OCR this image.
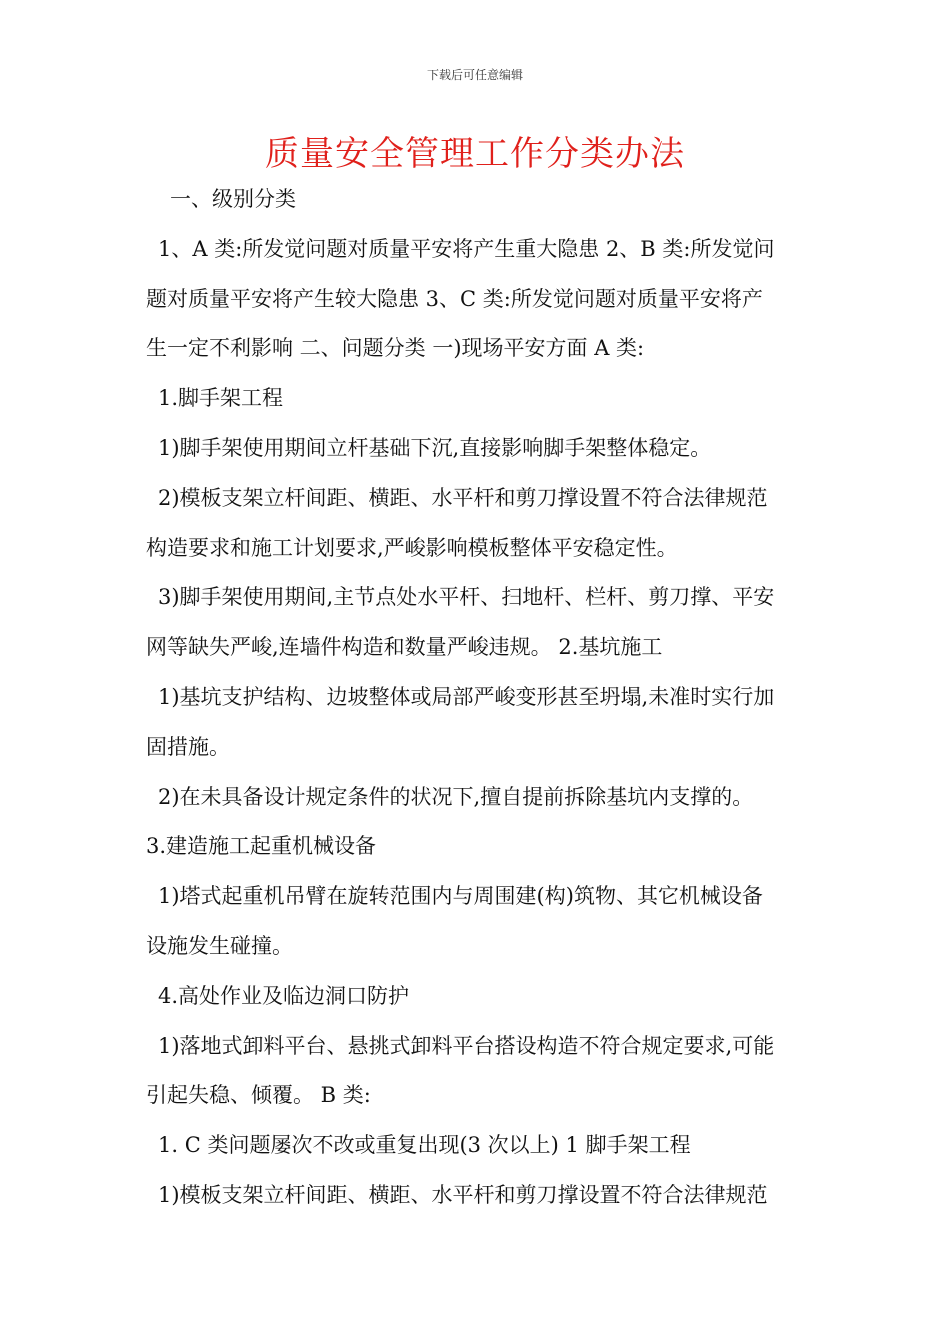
下载后可任意编辑
质量安全管理工作分类办法
一、级别分类
1、A 类:所发觉问题对质量平安将产生重大隐患 2、B 类:所发觉问
题对质量平安将产生较大隐患 3、C 类:所发觉问题对质量平安将产
生一定不利影响 二、问题分类 一)现场平安方面 A 类:
1.脚手架工程
1)脚手架使用期间立杆基础下沉,直接影响脚手架整体稳定。
2)模板支架立杆间距、横距、水平杆和剪刀撑设置不符合法律规范
构造要求和施工计划要求,严峻影响模板整体平安稳定性。
3)脚手架使用期间,主节点处水平杆、扫地杆、栏杆、剪刀撑、平安
网等缺失严峻,连墙件构造和数量严峻违规。 2.基坑施工
1)基坑支护结构、边坡整体或局部严峻变形甚至坍塌,未准时实行加
固措施。
2)在未具备设计规定条件的状况下,擅自提前拆除基坑内支撑的。
3.建造施工起重机械设备
1)塔式起重机吊臂在旋转范围内与周围建(构)筑物、其它机械设备
设施发生碰撞。
4.高处作业及临边洞口防护
1)落地式卸料平台、悬挑式卸料平台搭设构造不符合规定要求,可能
引起失稳、倾覆。 B 类:
1. C 类问题屡次不改或重复出现(3 次以上) 1 脚手架工程
1)模板支架立杆间距、横距、水平杆和剪刀撑设置不符合法律规范
